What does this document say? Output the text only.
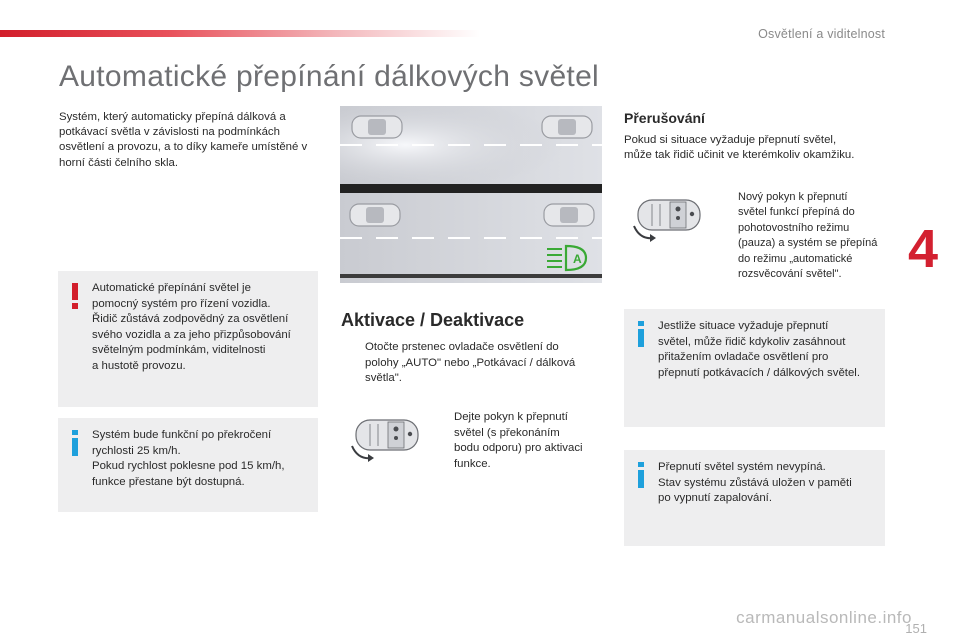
Osvětlení a viditelnost
Automatické přepínání dálkových světel
Systém, který automaticky přepíná dálková a potkávací světla v závislosti na podmínkách osvětlení a provozu, a to díky kameře umístěné v horní části čelního skla.
Automatické přepínání světel je
pomocný systém pro řízení vozidla.
Řidič zůstává zodpovědný za osvětlení
svého vozidla a za jeho přizpůsobování
světelným podmínkám, viditelnosti
a hustotě provozu.
Systém bude funkční po překročení
rychlosti 25 km/h.
Pokud rychlost poklesne pod 15 km/h,
funkce přestane být dostupná.
A
Aktivace / Deaktivace
Otočte prstenec ovladače osvětlení do
polohy „AUTO" nebo „Potkávací / dálková
světla".
Dejte pokyn k přepnutí
světel (s překonáním
bodu odporu) pro aktivaci
funkce.
Přerušování
Pokud si situace vyžaduje přepnutí světel,
může tak řidič učinit ve kterémkoliv okamžiku.
Nový pokyn k přepnutí
světel funkcí přepíná do
pohotovostního režimu
(pauza) a systém se přepíná
do režimu „automatické
rozsvěcování světel".
Jestliže situace vyžaduje přepnutí
světel, může řidič kdykoliv zasáhnout
přitažením ovladače osvětlení pro
přepnutí potkávacích / dálkových světel.
Přepnutí světel systém nevypíná.
Stav systému zůstává uložen v paměti
po vypnutí zapalování.
4
carmanualsonline.info
151
